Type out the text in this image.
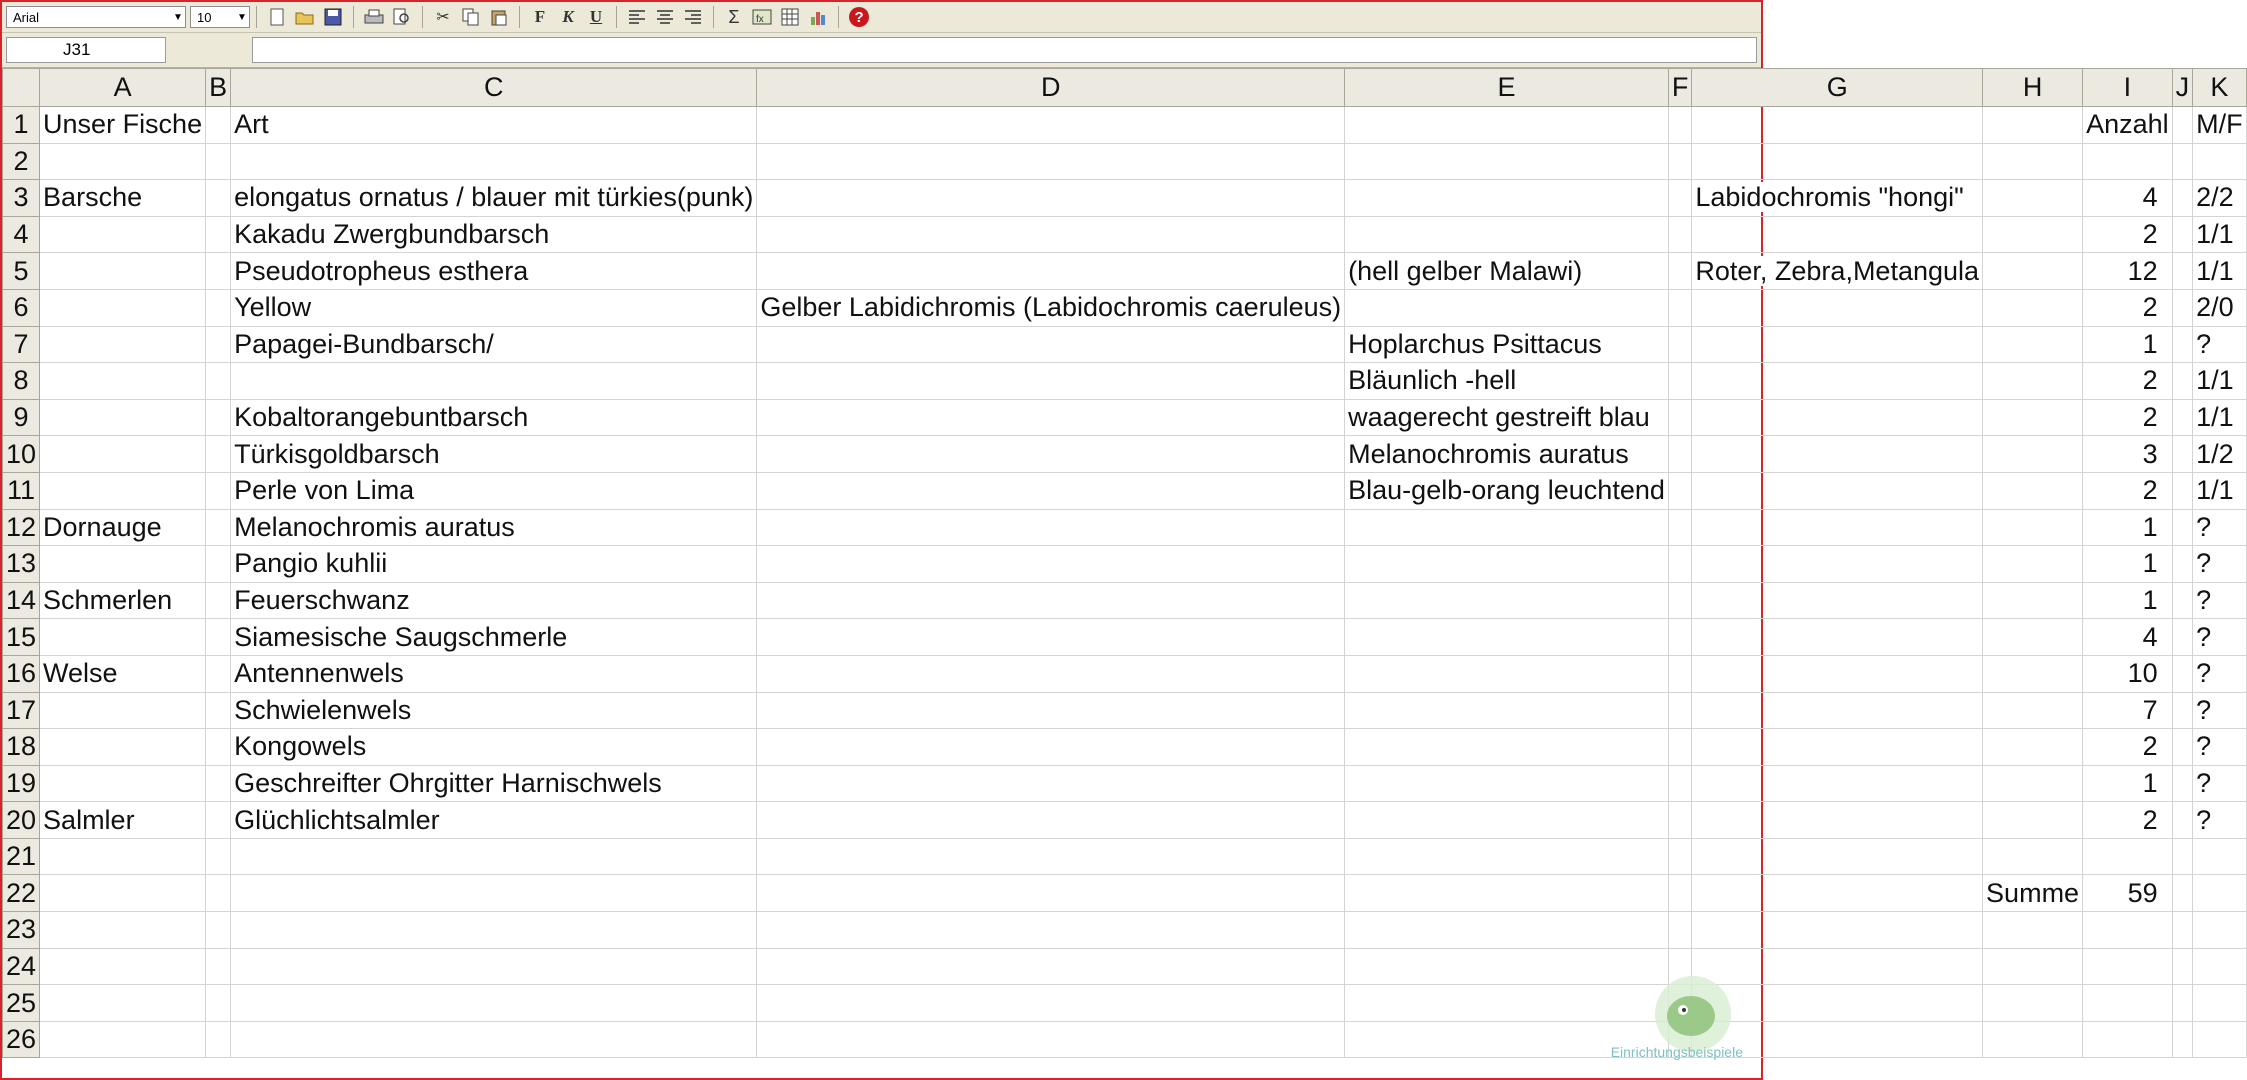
Arial	▼	10	▼	✂	F K U	Σ fx	?
J31
	A	B	C	D	E	F	G	H	I	J	K
1	Unser Fische		Art						Anzahl		M/F
2											
3	Barsche		elongatus ornatus / blauer mit türkies(punk)				Labidochromis "hongi"		4		2/2
4			Kakadu Zwergbundbarsch						2		1/1
5			Pseudotropheus esthera		(hell gelber Malawi)		Roter, Zebra,Metangula		12		1/1
6			Yellow	Gelber Labidichromis (Labidochromis caeruleus)					2		2/0
7			Papagei-Bundbarsch/		Hoplarchus Psittacus				1		?
8					Bläunlich -hell				2		1/1
9			Kobaltorangebuntbarsch		waagerecht gestreift blau				2		1/1
10			Türkisgoldbarsch		Melanochromis auratus				3		1/2
11			Perle von Lima		Blau-gelb-orang leuchtend				2		1/1
12	Dornauge		Melanochromis auratus						1		?
13			Pangio kuhlii						1		?
14	Schmerlen		Feuerschwanz						1		?
15			Siamesische Saugschmerle						4		?
16	Welse		Antennenwels						10		?
17			Schwielenwels						7		?
18			Kongowels						2		?
19			Geschreifter Ohrgitter Harnischwels						1		?
20	Salmler		Glüchlichtsalmler						2		?
21											
22								Summe	59		
23											
24											
25											
26												Einrichtungsbeispiele
